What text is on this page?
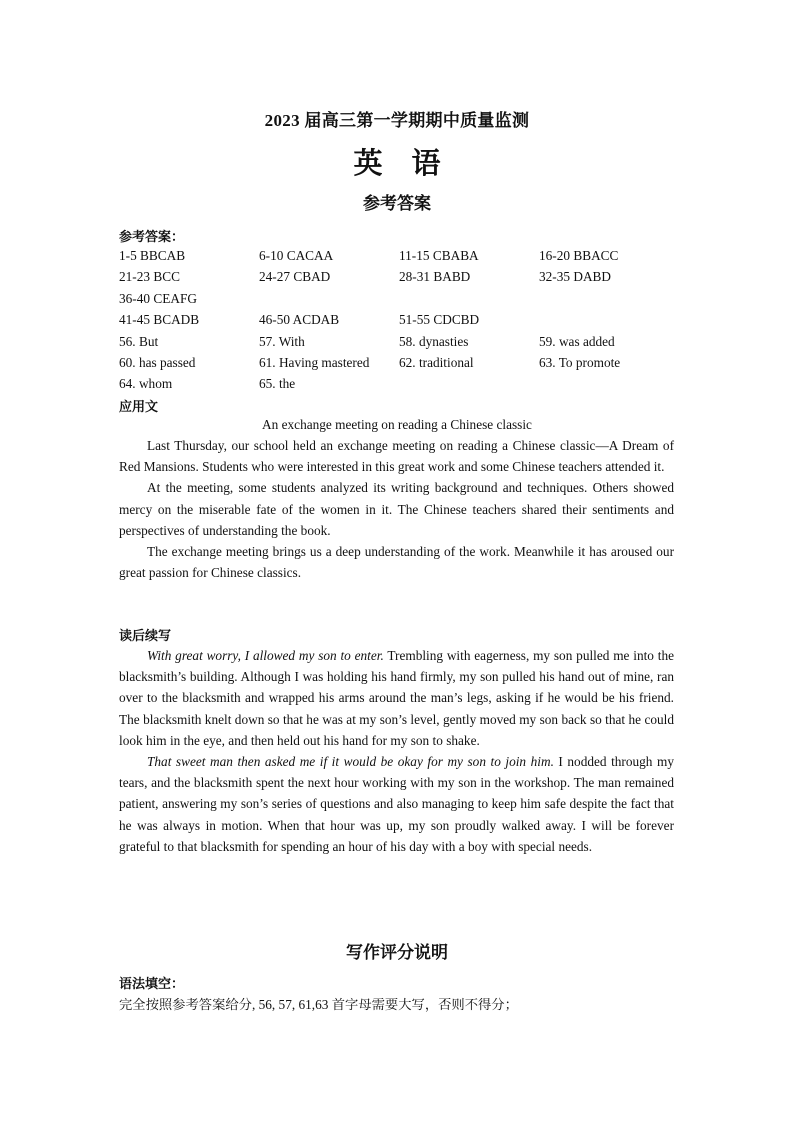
2023 届高三第一学期期中质量监测
英　语
参考答案
参考答案：
1-5 BBCAB	6-10 CACAA	11-15 CBABA	16-20 BBACC
21-23 BCC	24-27 CBAD	28-31 BABD	32-35 DABD
36-40 CEAFG
41-45 BCADB	46-50 ACDAB	51-55 CDCBD
56. But	57. With	58. dynasties	59. was added
60. has passed	61. Having mastered	62. traditional	63. To promote
64. whom	65. the
应用文
An exchange meeting on reading a Chinese classic

Last Thursday, our school held an exchange meeting on reading a Chinese classic—A Dream of Red Mansions. Students who were interested in this great work and some Chinese teachers attended it.

At the meeting, some students analyzed its writing background and techniques. Others showed mercy on the miserable fate of the women in it. The Chinese teachers shared their sentiments and perspectives of understanding the book.

The exchange meeting brings us a deep understanding of the work. Meanwhile it has aroused our great passion for Chinese classics.

读后续写

With great worry, I allowed my son to enter. Trembling with eagerness, my son pulled me into the blacksmith’s building. Although I was holding his hand firmly, my son pulled his hand out of mine, ran over to the blacksmith and wrapped his arms around the man’s legs, asking if he would be his friend. The blacksmith knelt down so that he was at my son’s level, gently moved my son back so that he could look him in the eye, and then held out his hand for my son to shake.

That sweet man then asked me if it would be okay for my son to join him. I nodded through my tears, and the blacksmith spent the next hour working with my son in the workshop. The man remained patient, answering my son’s series of questions and also managing to keep him safe despite the fact that he was always in motion. When that hour was up, my son proudly walked away. I will be forever grateful to that blacksmith for spending an hour of his day with a boy with special needs.

写作评分说明
语法填空：
完全按照参考答案给分, 56, 57, 61,63 首字母需要大写，否则不得分；
